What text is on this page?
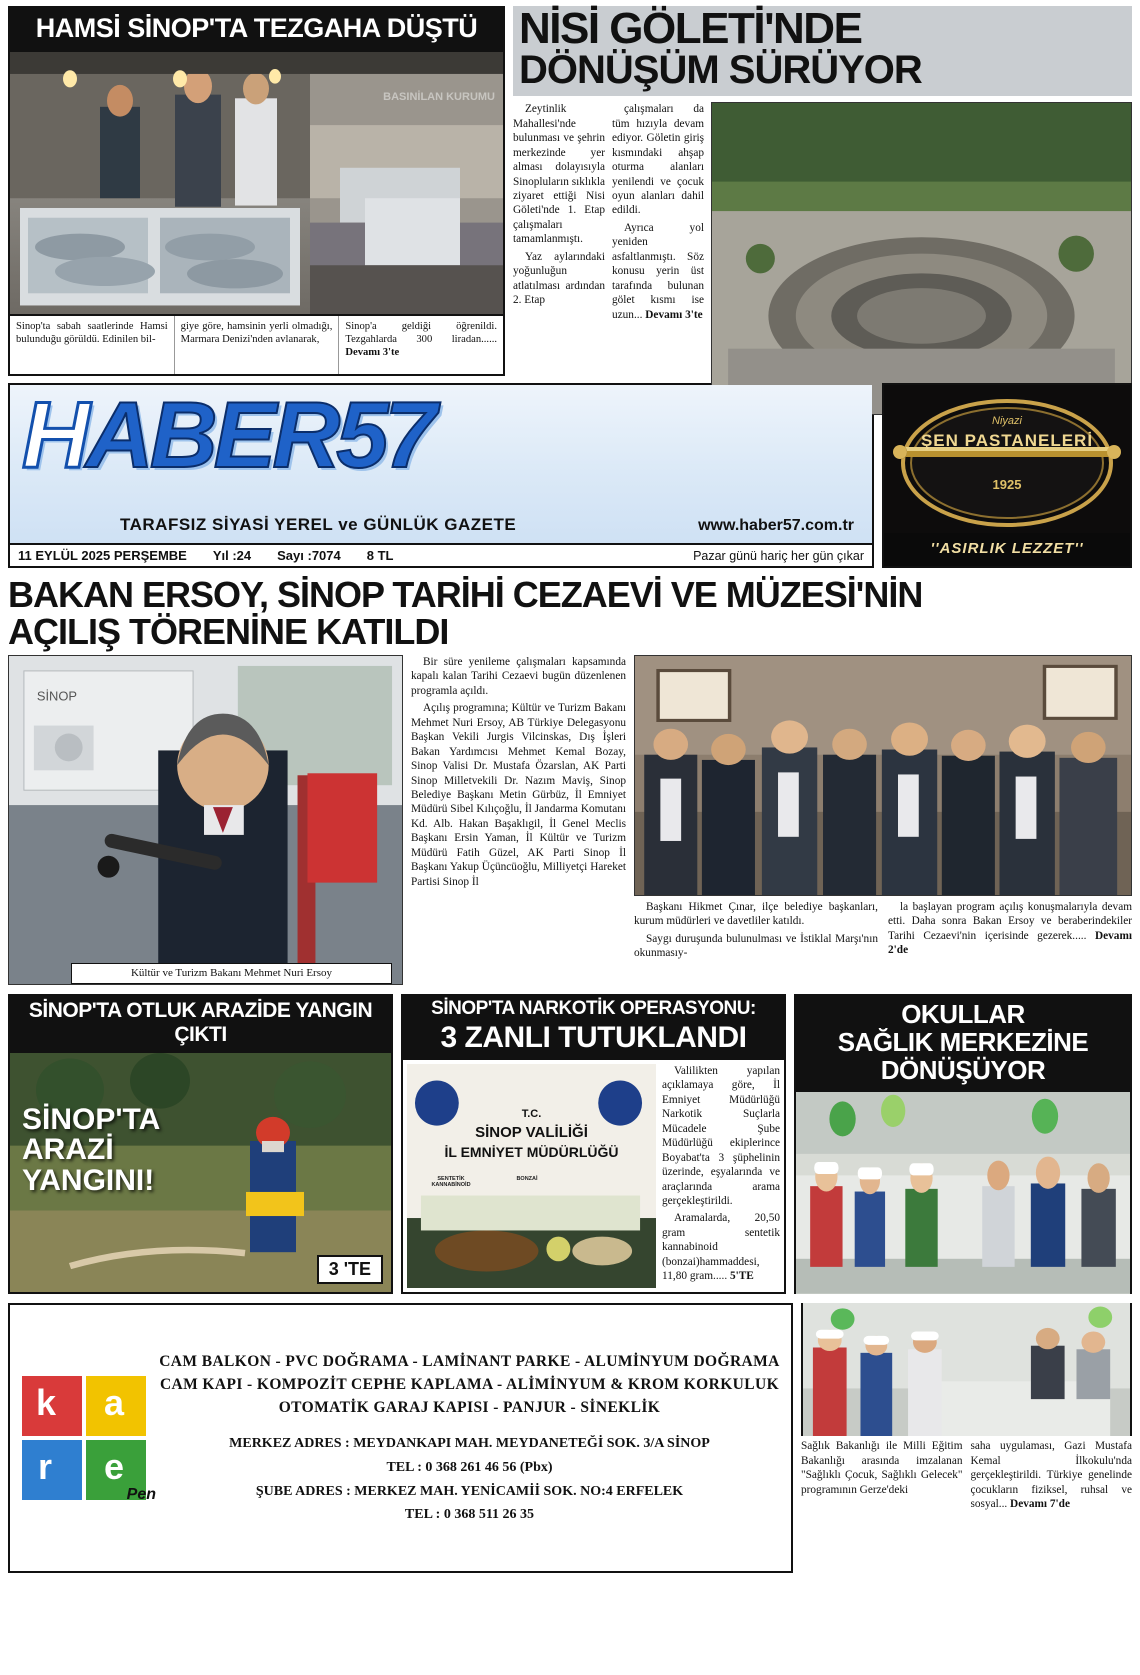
HAMSİ SİNOP'TA TEZGAHA DÜŞTÜ
BASINİLAN KURUMU
Sinop'ta sabah saatlerinde Hamsi bulunduğu görüldü. Edinilen bil-
giye göre, hamsinin yerli olmadığı, Marmara Denizi'nden avlanarak,
Sinop'a geldiği öğrenildi. Tezgahlarda 300 liradan...... Devamı 3'te
NİSİ GÖLETİ'NDE
DÖNÜŞÜM SÜRÜYOR

Zeytinlik Mahallesi'nde bulunması ve şehrin merkezinde yer alması dolayısıyla Sinopluların sıklıkla ziyaret ettiği Nisi Göleti'nde 1. Etap çalışmaları tamamlanmıştı.

Yaz aylarındaki yoğunluğun atlatılması ardından 2. Etap

çalışmaları da tüm hızıyla devam ediyor. Göletin giriş kısmındaki ahşap oturma alanları yenilendi ve çocuk oyun alanları dahil edildi.

Ayrıca yol yeniden asfaltlanmıştı. Söz konusu yerin üst tarafında bulunan gölet kısmı ise uzun... Devamı 3'te

HABER57
TARAFSIZ SİYASİ YEREL ve GÜNLÜK GAZETE	www.haber57.com.tr
11 EYLÜL 2025 PERŞEMBE Yıl :24 Sayı :7074 8 TL	Pazar günü hariç her gün çıkar
Niyazi
ŞEN PASTANELERİ
1925
''ASIRLIK LEZZET''
BAKAN ERSOY, SİNOP TARİHİ CEZAEVİ VE MÜZESİ'NİN
AÇILIŞ TÖRENİNE KATILDI
SİNOP
Kültür ve Turizm Bakanı Mehmet Nuri Ersoy

Bir süre yenileme çalışmaları kapsamında kapalı kalan Tarihi Cezaevi bugün düzenlenen programla açıldı.

Açılış programına; Kültür ve Turizm Bakanı Mehmet Nuri Ersoy, AB Türkiye Delegasyonu Başkan Vekili Jurgis Vilcinskas, Dış İşleri Bakan Yardımcısı Mehmet Kemal Bozay, Sinop Valisi Dr. Mustafa Özarslan, AK Parti Sinop Milletvekili Dr. Nazım Maviş, Sinop Belediye Başkanı Metin Gürbüz, İl Emniyet Müdürü Sibel Kılıçoğlu, İl Jandarma Komutanı Kd. Alb. Hakan Başaklıgil, İl Genel Meclis Başkanı Ersin Yaman, İl Kültür ve Turizm Müdürü Fatih Güzel, AK Parti Sinop İl Başkanı Yakup Üçüncüoğlu, Milliyetçi Hareket Partisi Sinop İl

Başkanı Hikmet Çınar, ilçe belediye başkanları, kurum müdürleri ve davetliler katıldı.

Saygı duruşunda bulunulması ve İstiklal Marşı'nın okunmasıy-

la başlayan program açılış konuşmalarıyla devam etti. Daha sonra Bakan Ersoy ve beraberindekiler Tarihi Cezaevi'nin içerisinde gezerek..... Devamı 2'de

SİNOP'TA OTLUK ARAZİDE YANGIN ÇIKTI
SİNOP'TA
ARAZİ
YANGINI!
3 'TE
SİNOP'TA NARKOTİK OPERASYONU:
3 ZANLI TUTUKLANDI
T.C.
SİNOP VALİLİĞİ
İL EMNİYET MÜDÜRLÜĞÜ
SENTETİK KANNABİNOİD
BONZAİ

Valilikten yapılan açıklamaya göre, İl Emniyet Müdürlüğü Narkotik Suçlarla Mücadele Şube Müdürlüğü ekiplerince Boyabat'ta 3 şüphelinin üzerinde, eşyalarında ve araçlarında arama gerçekleştirildi.

Aramalarda, 20,50 gram sentetik kannabinoid (bonzai)hammaddesi, 11,80 gram..... 5'TE

OKULLAR
SAĞLIK MERKEZİNE
DÖNÜŞÜYOR
k a
r e
Pen
CAM BALKON - PVC DOĞRAMA - LAMİNANT PARKE - ALUMİNYUM DOĞRAMA
CAM KAPI - KOMPOZİT CEPHE KAPLAMA - ALİMİNYUM & KROM KORKULUK
OTOMATİK GARAJ KAPISI - PANJUR - SİNEKLİK
MERKEZ ADRES : MEYDANKAPI MAH. MEYDANETEĞİ SOK. 3/A SİNOP
TEL : 0 368 261 46 56 (Pbx)
ŞUBE ADRES : MERKEZ MAH. YENİCAMİİ SOK. NO:4 ERFELEK
TEL : 0 368 511 26 35
Sağlık Bakanlığı ile Milli Eğitim Bakanlığı arasında imzalanan "Sağlıklı Çocuk, Sağlıklı Gelecek" programının Gerze'deki
saha uygulaması, Gazi Mustafa Kemal İlkokulu'nda gerçekleştirildi. Türkiye genelinde çocukların fiziksel, ruhsal ve sosyal... Devamı 7'de
